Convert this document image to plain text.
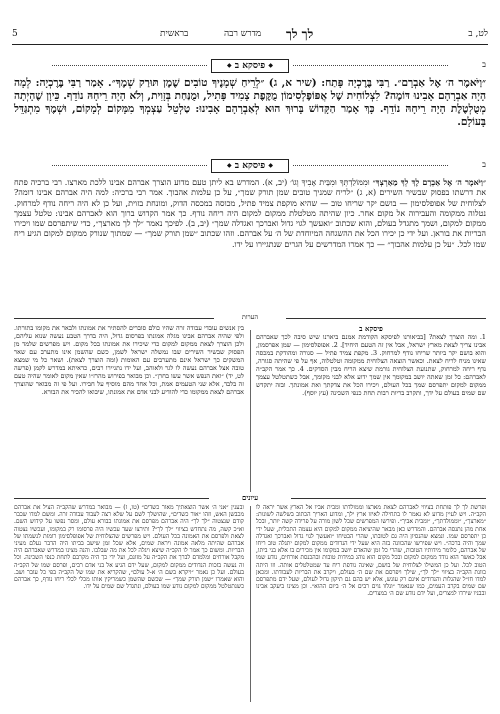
5	בראשית	מדרש רבה לך לך	לט, ב
◆ פיסקא ב ◆	ב
״וַיֹּאמֶר ה׳ אֶל אַבְרָם״. רַבִּי בֶּרֶכְיָה פָּתַח: (שיר א, ג) ״לְרֵיחַ שְׁמָנֶיךָ טוֹבִים שֶׁמֶן תּוּרַק שְׁמֶךָ״. אָמַר רַבִּי בֶּרֶכְיָה: לְמָה הָיָה אַבְרָהָם אָבִינוּ דּוֹמֶה? לִצְלוֹחִית שֶׁל אֲפּוֹפֶּלְסִימוֹן מֻקֶּפֶת צָמִיד פָּתִיל, וּמֻנַּחַת בְּזָוִית, וְלֹא הָיָה רֵיחָהּ נוֹדֵף. כֵּיוָן שֶׁהָיְתָה מְטֻלְטֶלֶת הָיָה רֵיחָהּ נוֹדֵף. כָּךְ אָמַר הַקָּדוֹשׁ בָּרוּךְ הוּא לְאַבְרָהָם אָבִינוּ: טַלְטֵל עַצְמְךָ מִמָּקוֹם לְמָקוֹם, וּשְׁמֶךָ מִתְגַּדֵּל בָּעוֹלָם.
◆ פיסקא ב ◆	ב
״וַיֹּאמֶר ה׳ אֶל אַבְרָם לֶךְ לְךָ מֵאַרְצְךָ״ וּמִמּוֹלַדְתְּךָ וּמִבֵּית אָבִיךָ וְגוֹ׳ (יב, א). המדרש בא ליתן טעם מדוע הוצרך אברהם אבינו ללכת מארצו. רבי ברכיה פתח את דרשתו בפסוק שבשיר השירים (א, ג) ״לריח שמניך טובים שמן תורק שמך״, על כן עלמות אהבוך. אמר רבי ברכיה: למה היה אברהם אבינו דומה? לצלוחית של אפופלסימון — בושם יקר שריחו טוב — שהיא מוקפת צמיד פתיל, מכוסה במכסה הדוק, ומונחת בזוית, ועל כן לא היה ריחה נודף למרחוק. נטלוה ממקומה והעבירוה אל מקום אחר. כיון שהיתה מטלטלת ממקום למקום היה ריחה נודף. כך אמר הקדוש ברוך הוא לאברהם אבינו: טלטל עצמך ממקום למקום, ושמך מתגדל בעולם, והוא שכתוב ״ואעשך לגוי גדול ואברכך ואגדלה שמך״ (יב, ב). לפיכך נאמר ״לך לך מארצך״, כדי שיתפרסם שמו ויכירו הבריות את בוראן. ועל ידי כן יכירו הכל את ההשגחה המיוחדת של ה׳ על אברהם. וזהו שכתוב ״שמן תורק שמך״ — שמתוך שנורק ממקום למקום הגיע ריח שמו לכל. ״על כן עלמות אהבוך״ — כך אמרו המדרשים על הגרים שנתגיירו על ידו.
הערות
פיסקא ב
1. ומה הוצרך לצאת? [בביאורנו לפיסקא הקודמת אמנם ביארנו שיש סיבה לכך שאברהם אבינו צריך לצאת מארץ ישראל, אבל אין זה הטעם היחיד]. 2. אפופלסימון — שמן אפרסמון, והוא בושם יקר ביותר שריחו נודף למרחוק. 3. מקפת צמיד פתיל — סגורה ומהודקת במכסה שאינו מניח לריח לצאת. וכאשר הוצאה הצלוחית ממקומה וטלטלוה, אף על פי שהיתה סגורה, נדף ריחה למרחוק, שתנועת הצלוחית גורמת שיצא הריח מבין הסדקים. 4. כך אמר הקב״ה לאברהם: כל זמן שאתה יושב במקומך אין שמך ידוע אלא לבני מקומך, אבל כשתטלטל עצמך ממקום למקום יתפרסם שמך בכל העולם, ויכירו הכל את צדקתך ואת אמונתך. ובזה יתקדש שם שמים בעולם על ידך, ותקרב בריות רבות תחת כנפי השכינה (עץ יוסף).
בין אנשים עובדי עבודה זרה שהיו כולם סוברים להסתיר את אמונתו ולבאר את מקומו בתורתו. ולפי שהיה אברהם אבינו מגלה אמונתו בפרסום גדול, היה בדרך הטבע נעשה שנוא עליהם, ולכן הוצרך לצאת ממקום למקום כדי שיכירו את אמונתו בכל מקום. ויש מפרשים שלמד מן הפסוק שבשיר השירים שבו נמשלה ישראל לשמן, כשם שהשמן אינו מתערב עם שאר המשקים כך ישראל אינם מתערבים עם האומות (ומה הוצרך לצאת). ושאר כל מי שמצא טובה אצל אברהם נעשה לו לגר ולאוהב, ועל ידו נתגיירו רבים, כדאיתא במדרש לקמן (פרשה לט, יד) ״ואת הנפש אשר עשו בחרן״. וכן מבואר בפירוש מהרז״ו שאין מקום לאומר שהיה טעם זה בלבד, אלא שני הטעמים אמת, וכל אחד מהם מוסיף על חבירו. ועל פי זה מבואר שהוצרך אברהם לצאת ממקומו כדי להודיע לבני אדם את אמונתו, שיבואו להכיר את הבורא.
עיונים
ופרשת לך לך פותחת בציווי לאברהם לצאת מארצו וממולדתו ומבית אביו אל הארץ אשר יראה לו הקב״ה. ויש לעיין מדוע לא נאמר לו בתחילה לאיזו ארץ ילך, ומדוע האריך הכתוב בשלשה לשונות: ״מארצך״, ״וממולדתך״, ״ומבית אביך״. ופירשו המפרשים שכל לשון מורה על פרידה קשה יותר, ובכל אחת מהן נתנסה אברהם. והמדרש כאן מבאר שהיציאה ממקום למקום היא עצמה התכלית, שעל ידי כן יתפרסם שמו. ונמצא שהנסיון היה גם לטובתו, שהרי הבטיחו ״ואעשך לגוי גדול ואברכך ואגדלה שמך והיה ברכה״. ויש שפירשו שהכוונה בזה היא שעל ידי הנדודים ממקום למקום יתגלה טוב ריחו של אברהם, כלומר מידותיו הטובות, שהרי כל זמן שהאדם יושב במקומו אין מכירים בו אלא בני ביתו, אבל כאשר הוא נודד ממקום למקום ובכל מקום הוא נוהג במידות טובות ובהכנסת אורחים, נודע שמו הטוב לכל. ועל כן המשילו לצלוחית של בושם, שאינה נודפת ריח עד שמטלטלים אותה. וזו היתה כוונת הקב״ה בציווי ״לך לך״, שילך ויפרסם את שם ה׳ בעולם, ויקרב את הבריות לעבודתו. ומכאן למדו חז״ל שהגלות והנדודים אינם רק עונש, אלא יש בהם גם תיקון גדול לעולם, שעל ידם מתפרסם שם שמים בקרב העמים, כמו שנאמר ״ונלוו גוים רבים אל ה׳ ביום ההוא״. וכן מצינו ביעקב אבינו ובבניו שירדו למצרים, ועל ידם נודע שם ה׳ במצרים.
ובענין ״אני ה׳ אשר הוצאתיך מאור כשדים״ (טו, ז) — מבואר במדרש שהקב״ה הציל את אברהם מכבשן האש, וזהו ״אור כשדים״, שהושלך לשם על שלא רצה לעבוד עבודה זרה. ומשם למדו שכבר קודם שנצטוה ״לך לך״ היה אברהם מפרסם את אמונתו בבורא עולם, ומסר נפשו על קידוש השם. וא״כ קשה, מה נתחדש בציווי ״לך לך״? ותירצו שעד עכשיו היה פרסומו רק במקומו, ועכשיו נצטוה לצאת ולפרסם את האמונה בכל העולם. ויש מפרשים שהצלוחית של אפופלסימון רומזת לנשמתו של אברהם שהיתה מלאה אמונה ויראת שמים, אלא שכל זמן שישב בביתו היה הדבר נעלם מעיני הבריות. ומשום כך אמר לו הקב״ה שיצא ויגלה לכל את מה שבלבו. והנה מצינו במדרש שאברהם היה מקבל אורחים ומלמדם לברך את הקב״ה על מזונם, ועל ידי כך היה מקרבם לתחת כנפי השכינה. וכל זה נעשה בזכות הנדודים ממקום למקום, שעל ידם הגיע אל בני אדם רבים, ופרסם שמו של הקב״ה בעולם. ועל כן נאמר ״ויקרא בשם ה׳ א-ל עולם״, שהקריא את שמו של הקב״ה בפי כל עובר ושב. והוא שאמרו ״שמן תורק שמך״ — שכשם שהשמן כשמריקין אותו מכלי לכלי ריחו נודף, כך אברהם כשנתטלטל ממקום למקום נודע שמו בעולם, ונתגדל שם שמים על ידו.
